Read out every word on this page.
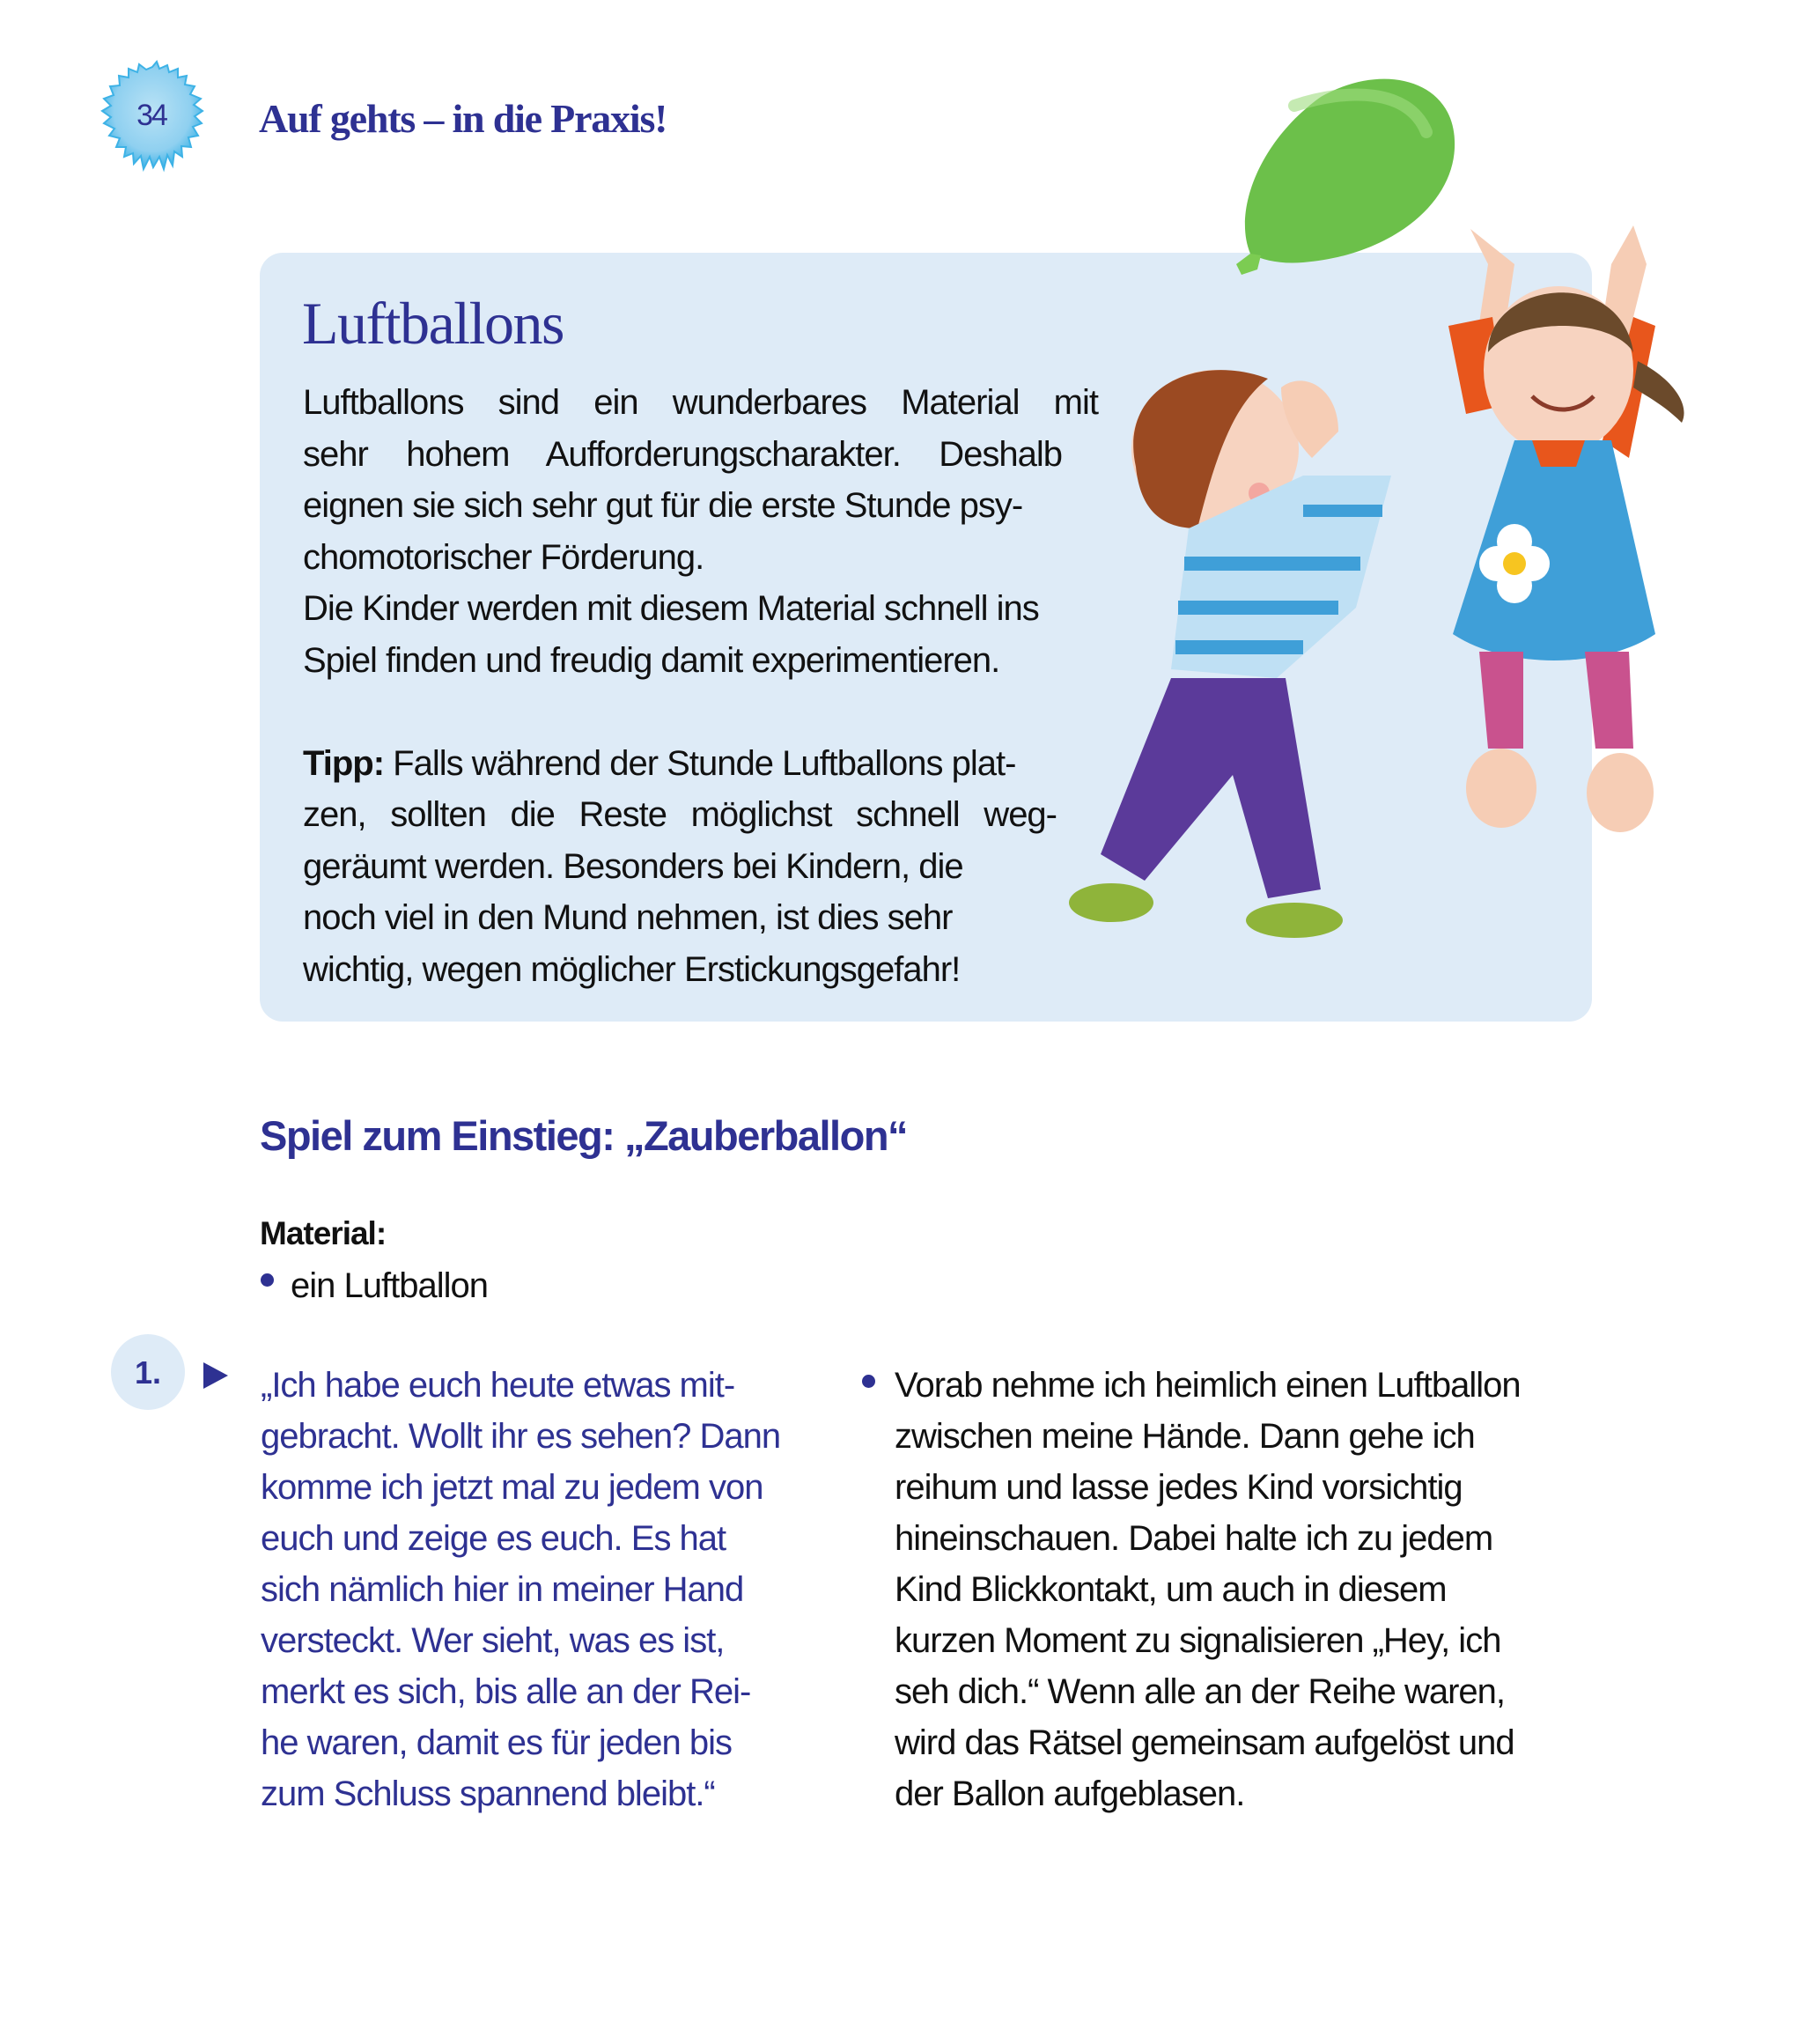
34 Auf gehts – in die Praxis!
Luftballons
Luftballons sind ein wunderbares Material mit
sehr hohem Aufforderungscharakter. Deshalb
eignen sie sich sehr gut für die erste Stunde psy-
chomotorischer Förderung.
Die Kinder werden mit diesem Material schnell ins
Spiel finden und freudig damit experimentieren.
Tipp: Falls während der Stunde Luftballons plat-
zen, sollten die Reste möglichst schnell weg-
geräumt werden. Besonders bei Kindern, die
noch viel in den Mund nehmen, ist dies sehr
wichtig, wegen möglicher Erstickungsgefahr!
Spiel zum Einstieg: „Zauberballon“
Material:
ein Luftballon
1.	„Ich habe euch heute etwas mit-
gebracht. Wollt ihr es sehen? Dann
komme ich jetzt mal zu jedem von
euch und zeige es euch. Es hat
sich nämlich hier in meiner Hand
versteckt. Wer sieht, was es ist,
merkt es sich, bis alle an der Rei-
he waren, damit es für jeden bis
zum Schluss spannend bleibt.“
Vorab nehme ich heimlich einen Luftballon
zwischen meine Hände. Dann gehe ich
reihum und lasse jedes Kind vorsichtig
hineinschauen. Dabei halte ich zu jedem
Kind Blickkontakt, um auch in diesem
kurzen Moment zu signalisieren „Hey, ich
seh dich.“ Wenn alle an der Reihe waren,
wird das Rätsel gemeinsam aufgelöst und
der Ballon aufgeblasen.
